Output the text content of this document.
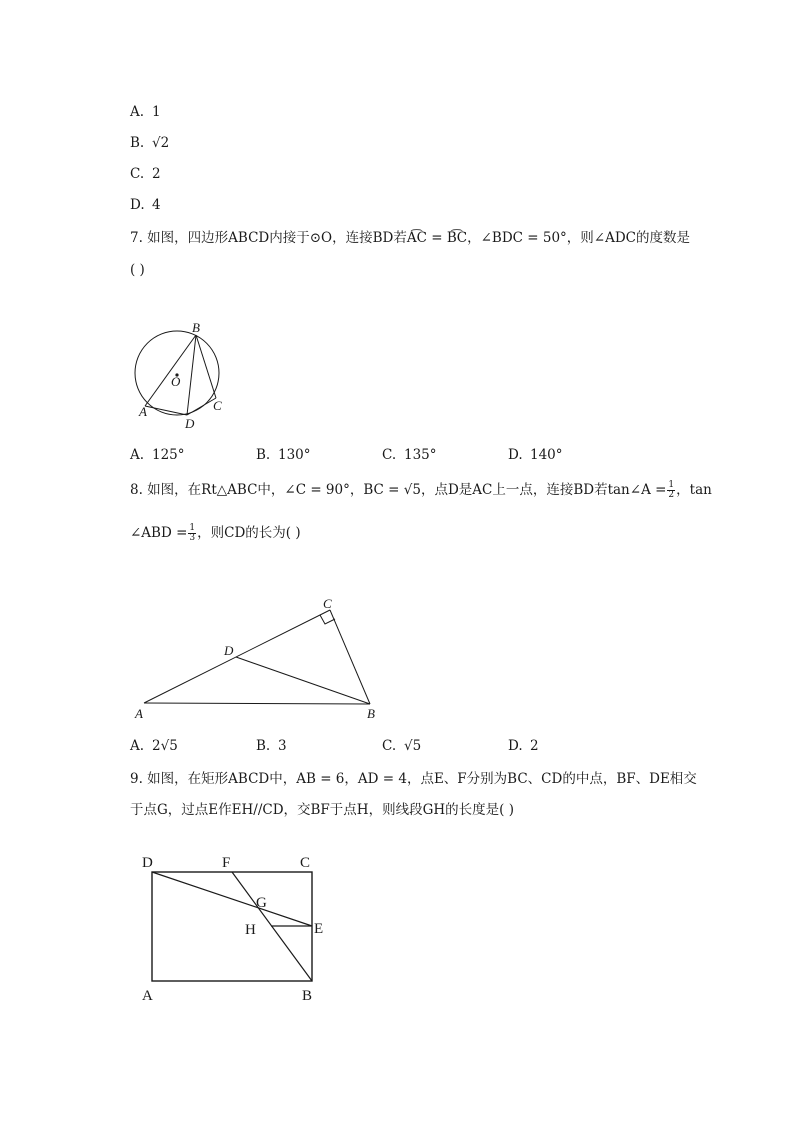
A. 1
B. √2
C. 2
D. 4
7. 如图，四边形ABCD内接于⊙O，连接BD若A͡C = B͡C，∠BDC = 50°，则∠ADC的度数是
( )
B
O
A
D
C
A. 125°	B. 130°	C. 135°	D. 140°
8. 如图，在Rt△ABC中，∠C = 90°，BC = √5，点D是AC上一点，连接BD若tan∠A = $\frac{1}{2}$ ，tan
∠ABD = $\frac{1}{3}$ ，则CD的长为( )
C
D
A	B
A. 2√5	B. 3	C. √5	D. 2
9. 如图，在矩形ABCD中，AB = 6，AD = 4，点E、F分别为BC、CD的中点，BF、DE相交
于点G，过点E作EH//CD，交BF于点H，则线段GH的长度是( )
D	F	C
G
H	E
A	B
